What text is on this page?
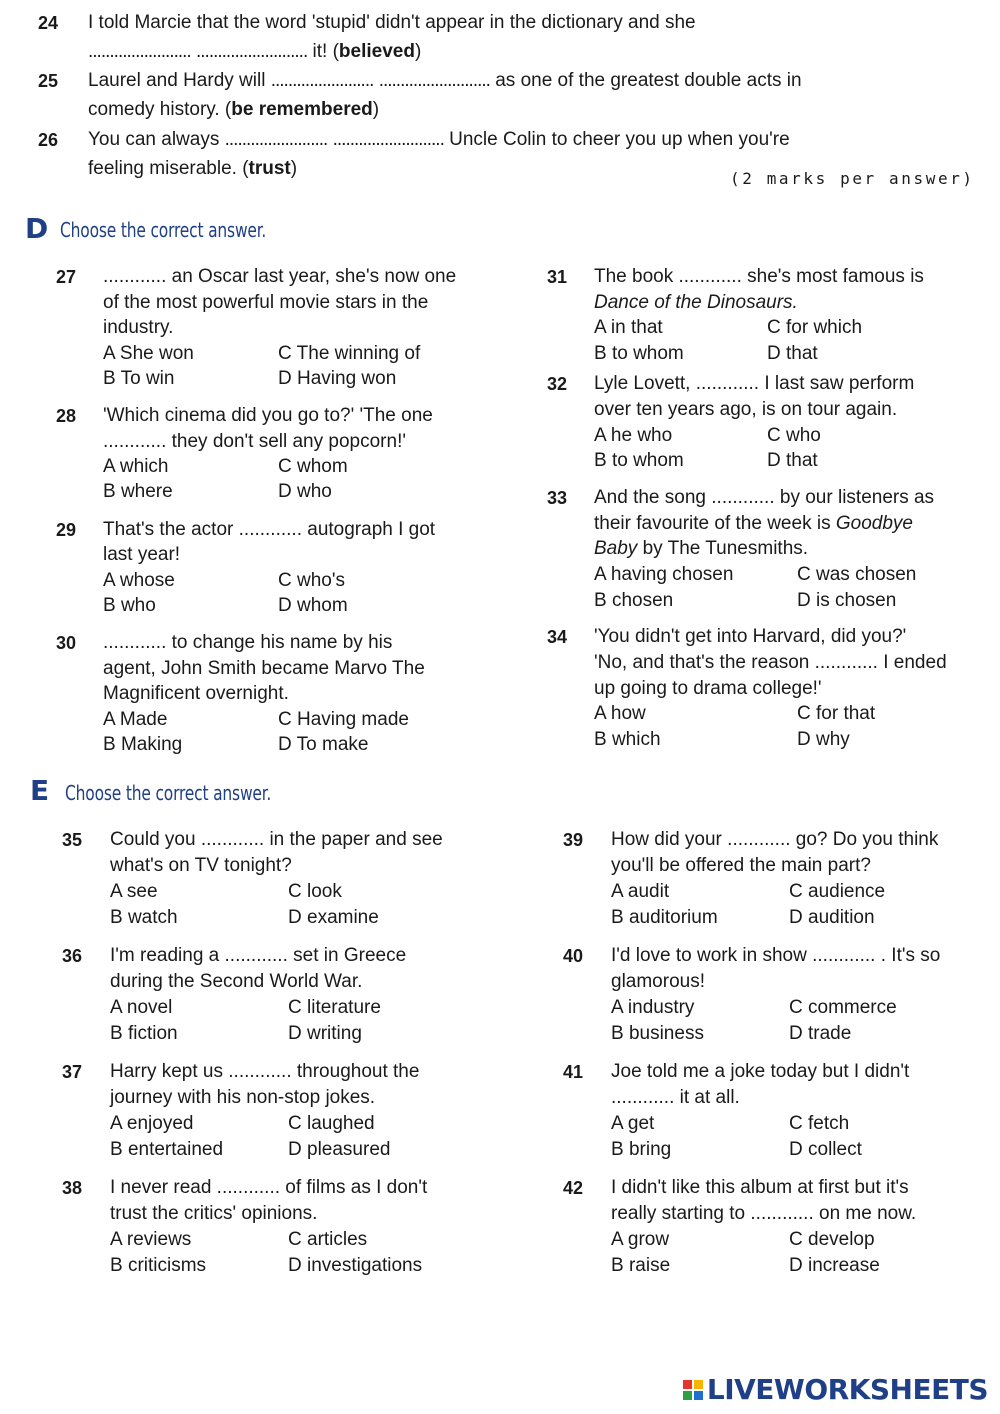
24 I told Marcie that the word 'stupid' didn't appear in the dictionary and she
........................ .......................... it! (believed)
25 Laurel and Hardy will ........................ .......................... as one of the greatest double acts in
comedy history. (be remembered)
26 You can always ........................ .......................... Uncle Colin to cheer you up when you're
feeling miserable. (trust)	(2 marks per answer)
D Choose the correct answer.
27 ............ an Oscar last year, she's now one
of the most powerful movie stars in the
industry.
A She won	C The winning of
B To win	D Having won
28 'Which cinema did you go to?' 'The one
............ they don't sell any popcorn!'
A which	C whom
B where	D who
29 That's the actor ............ autograph I got
last year!
A whose	C who's
B who	D whom
30 ............ to change his name by his
agent, John Smith became Marvo The
Magnificent overnight.
A Made	C Having made
B Making	D To make
31 The book ............ she's most famous is
Dance of the Dinosaurs.
A in that	C for which
B to whom	D that
32 Lyle Lovett, ............ I last saw perform
over ten years ago, is on tour again.
A he who	C who
B to whom	D that
33 And the song ............ by our listeners as
their favourite of the week is Goodbye
Baby by The Tunesmiths.
A having chosen	C was chosen
B chosen	D is chosen
34 'You didn't get into Harvard, did you?'
'No, and that's the reason ............ I ended
up going to drama college!'
A how	C for that
B which	D why
E Choose the correct answer.
35 Could you ............ in the paper and see
what's on TV tonight?
A see	C look
B watch	D examine
36 I'm reading a ............ set in Greece
during the Second World War.
A novel	C literature
B fiction	D writing
37 Harry kept us ............ throughout the
journey with his non-stop jokes.
A enjoyed	C laughed
B entertained	D pleasured
38 I never read ............ of films as I don't
trust the critics' opinions.
A reviews	C articles
B criticisms	D investigations
39 How did your ............ go? Do you think
you'll be offered the main part?
A audit	C audience
B auditorium	D audition
40 I'd love to work in show ............ . It's so
glamorous!
A industry	C commerce
B business	D trade
41 Joe told me a joke today but I didn't
............ it at all.
A get	C fetch
B bring	D collect
42 I didn't like this album at first but it's
really starting to ............ on me now.
A grow	C develop
B raise	D increase
LIVEWORKSHEETS
